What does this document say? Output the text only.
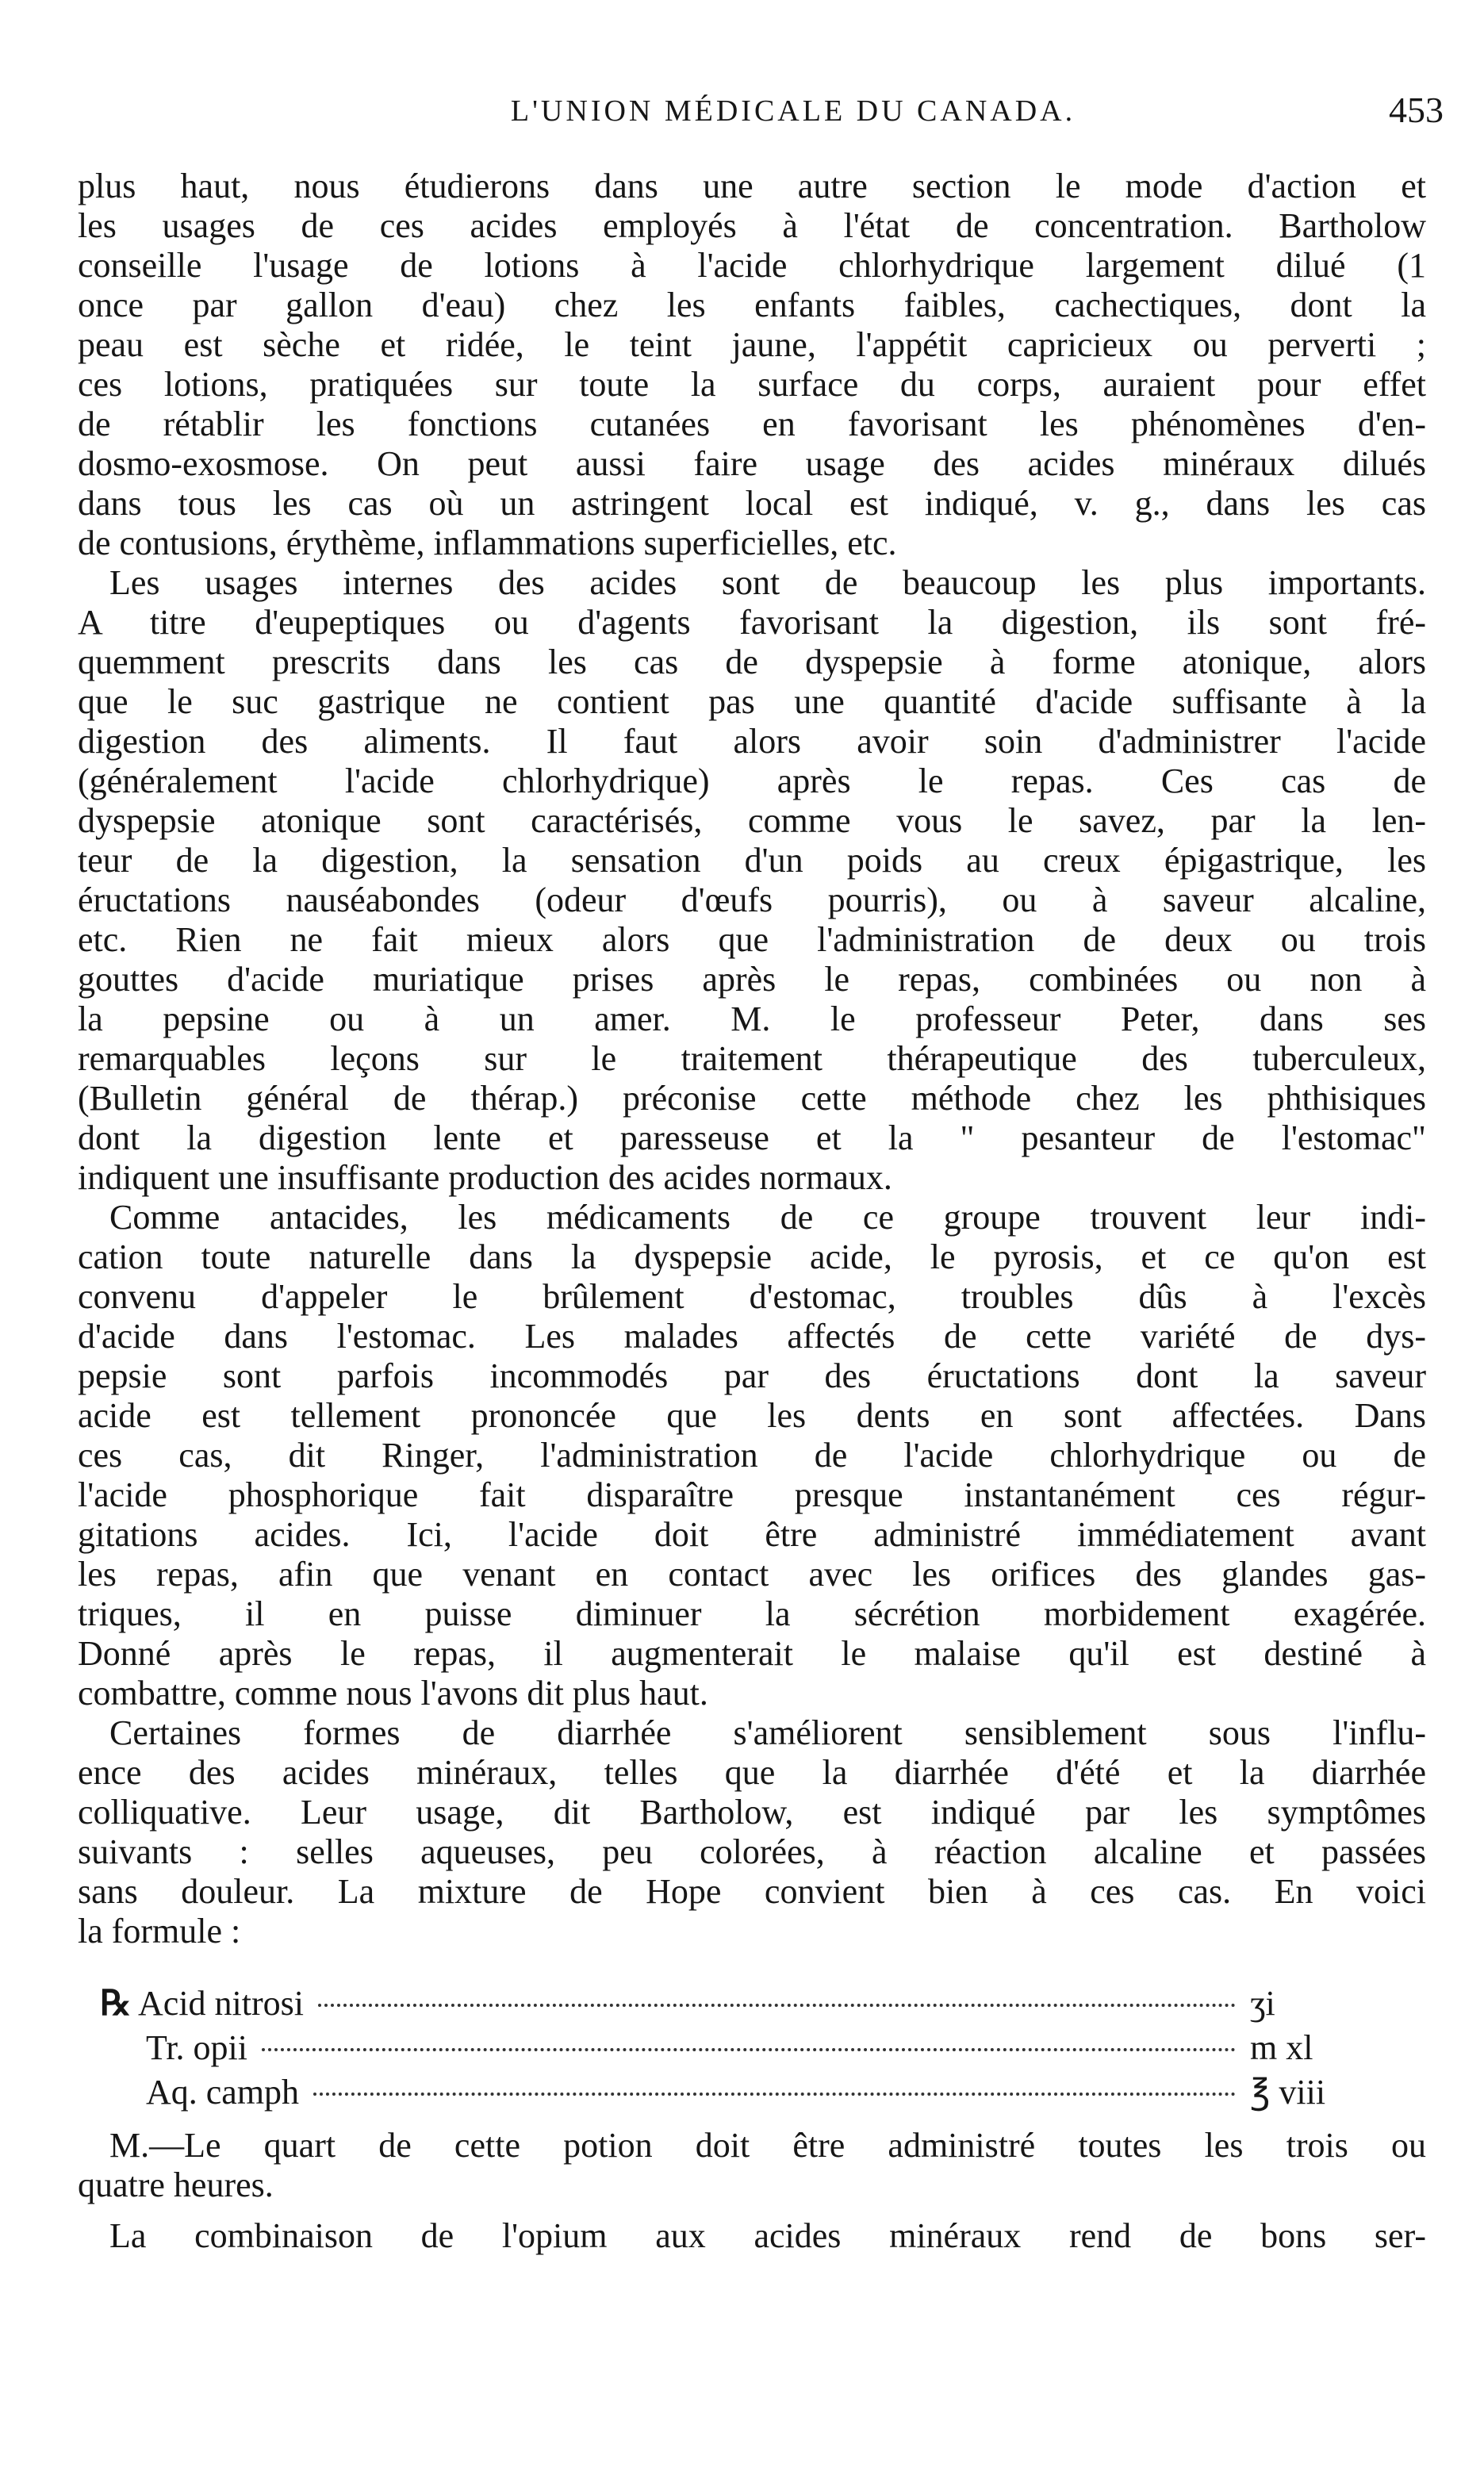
L'UNION MÉDICALE DU CANADA.	453
plus haut, nous étudierons dans une autre section le mode d'action et
les usages de ces acides employés à l'état de concentration. Bartholow
conseille l'usage de lotions à l'acide chlorhydrique largement dilué (1
once par gallon d'eau) chez les enfants faibles, cachectiques, dont la
peau est sèche et ridée, le teint jaune, l'appétit capricieux ou perverti ;
ces lotions, pratiquées sur toute la surface du corps, auraient pour effet
de rétablir les fonctions cutanées en favorisant les phénomènes d'en-
dosmo-exosmose. On peut aussi faire usage des acides minéraux dilués
dans tous les cas où un astringent local est indiqué, v. g., dans les cas
de contusions, érythème, inflammations superficielles, etc.
Les usages internes des acides sont de beaucoup les plus importants.
A titre d'eupeptiques ou d'agents favorisant la digestion, ils sont fré-
quemment prescrits dans les cas de dyspepsie à forme atonique, alors
que le suc gastrique ne contient pas une quantité d'acide suffisante à la
digestion des aliments. Il faut alors avoir soin d'administrer l'acide
(généralement l'acide chlorhydrique) après le repas. Ces cas de
dyspepsie atonique sont caractérisés, comme vous le savez, par la len-
teur de la digestion, la sensation d'un poids au creux épigastrique, les
éructations nauséabondes (odeur d'œufs pourris), ou à saveur alcaline,
etc. Rien ne fait mieux alors que l'administration de deux ou trois
gouttes d'acide muriatique prises après le repas, combinées ou non à
la pepsine ou à un amer. M. le professeur Peter, dans ses
remarquables leçons sur le traitement thérapeutique des tuberculeux,
(Bulletin général de thérap.) préconise cette méthode chez les phthisiques
dont la digestion lente et paresseuse et la " pesanteur de l'estomac"
indiquent une insuffisante production des acides normaux.
Comme antacides, les médicaments de ce groupe trouvent leur indi-
cation toute naturelle dans la dyspepsie acide, le pyrosis, et ce qu'on est
convenu d'appeler le brûlement d'estomac, troubles dûs à l'excès
d'acide dans l'estomac. Les malades affectés de cette variété de dys-
pepsie sont parfois incommodés par des éructations dont la saveur
acide est tellement prononcée que les dents en sont affectées. Dans
ces cas, dit Ringer, l'administration de l'acide chlorhydrique ou de
l'acide phosphorique fait disparaître presque instantanément ces régur-
gitations acides. Ici, l'acide doit être administré immédiatement avant
les repas, afin que venant en contact avec les orifices des glandes gas-
triques, il en puisse diminuer la sécrétion morbidement exagérée.
Donné après le repas, il augmenterait le malaise qu'il est destiné à
combattre, comme nous l'avons dit plus haut.
Certaines formes de diarrhée s'améliorent sensiblement sous l'influ-
ence des acides minéraux, telles que la diarrhée d'été et la diarrhée
colliquative. Leur usage, dit Bartholow, est indiqué par les symptômes
suivants : selles aqueuses, peu colorées, à réaction alcaline et passées
sans douleur. La mixture de Hope convient bien à ces cas. En voici
la formule :
℞ Acid nitrosi	ʒi
Tr. opii	m xl
Aq. camph	℥ viii
M.—Le quart de cette potion doit être administré toutes les trois ou
quatre heures.
La combinaison de l'opium aux acides minéraux rend de bons ser-
